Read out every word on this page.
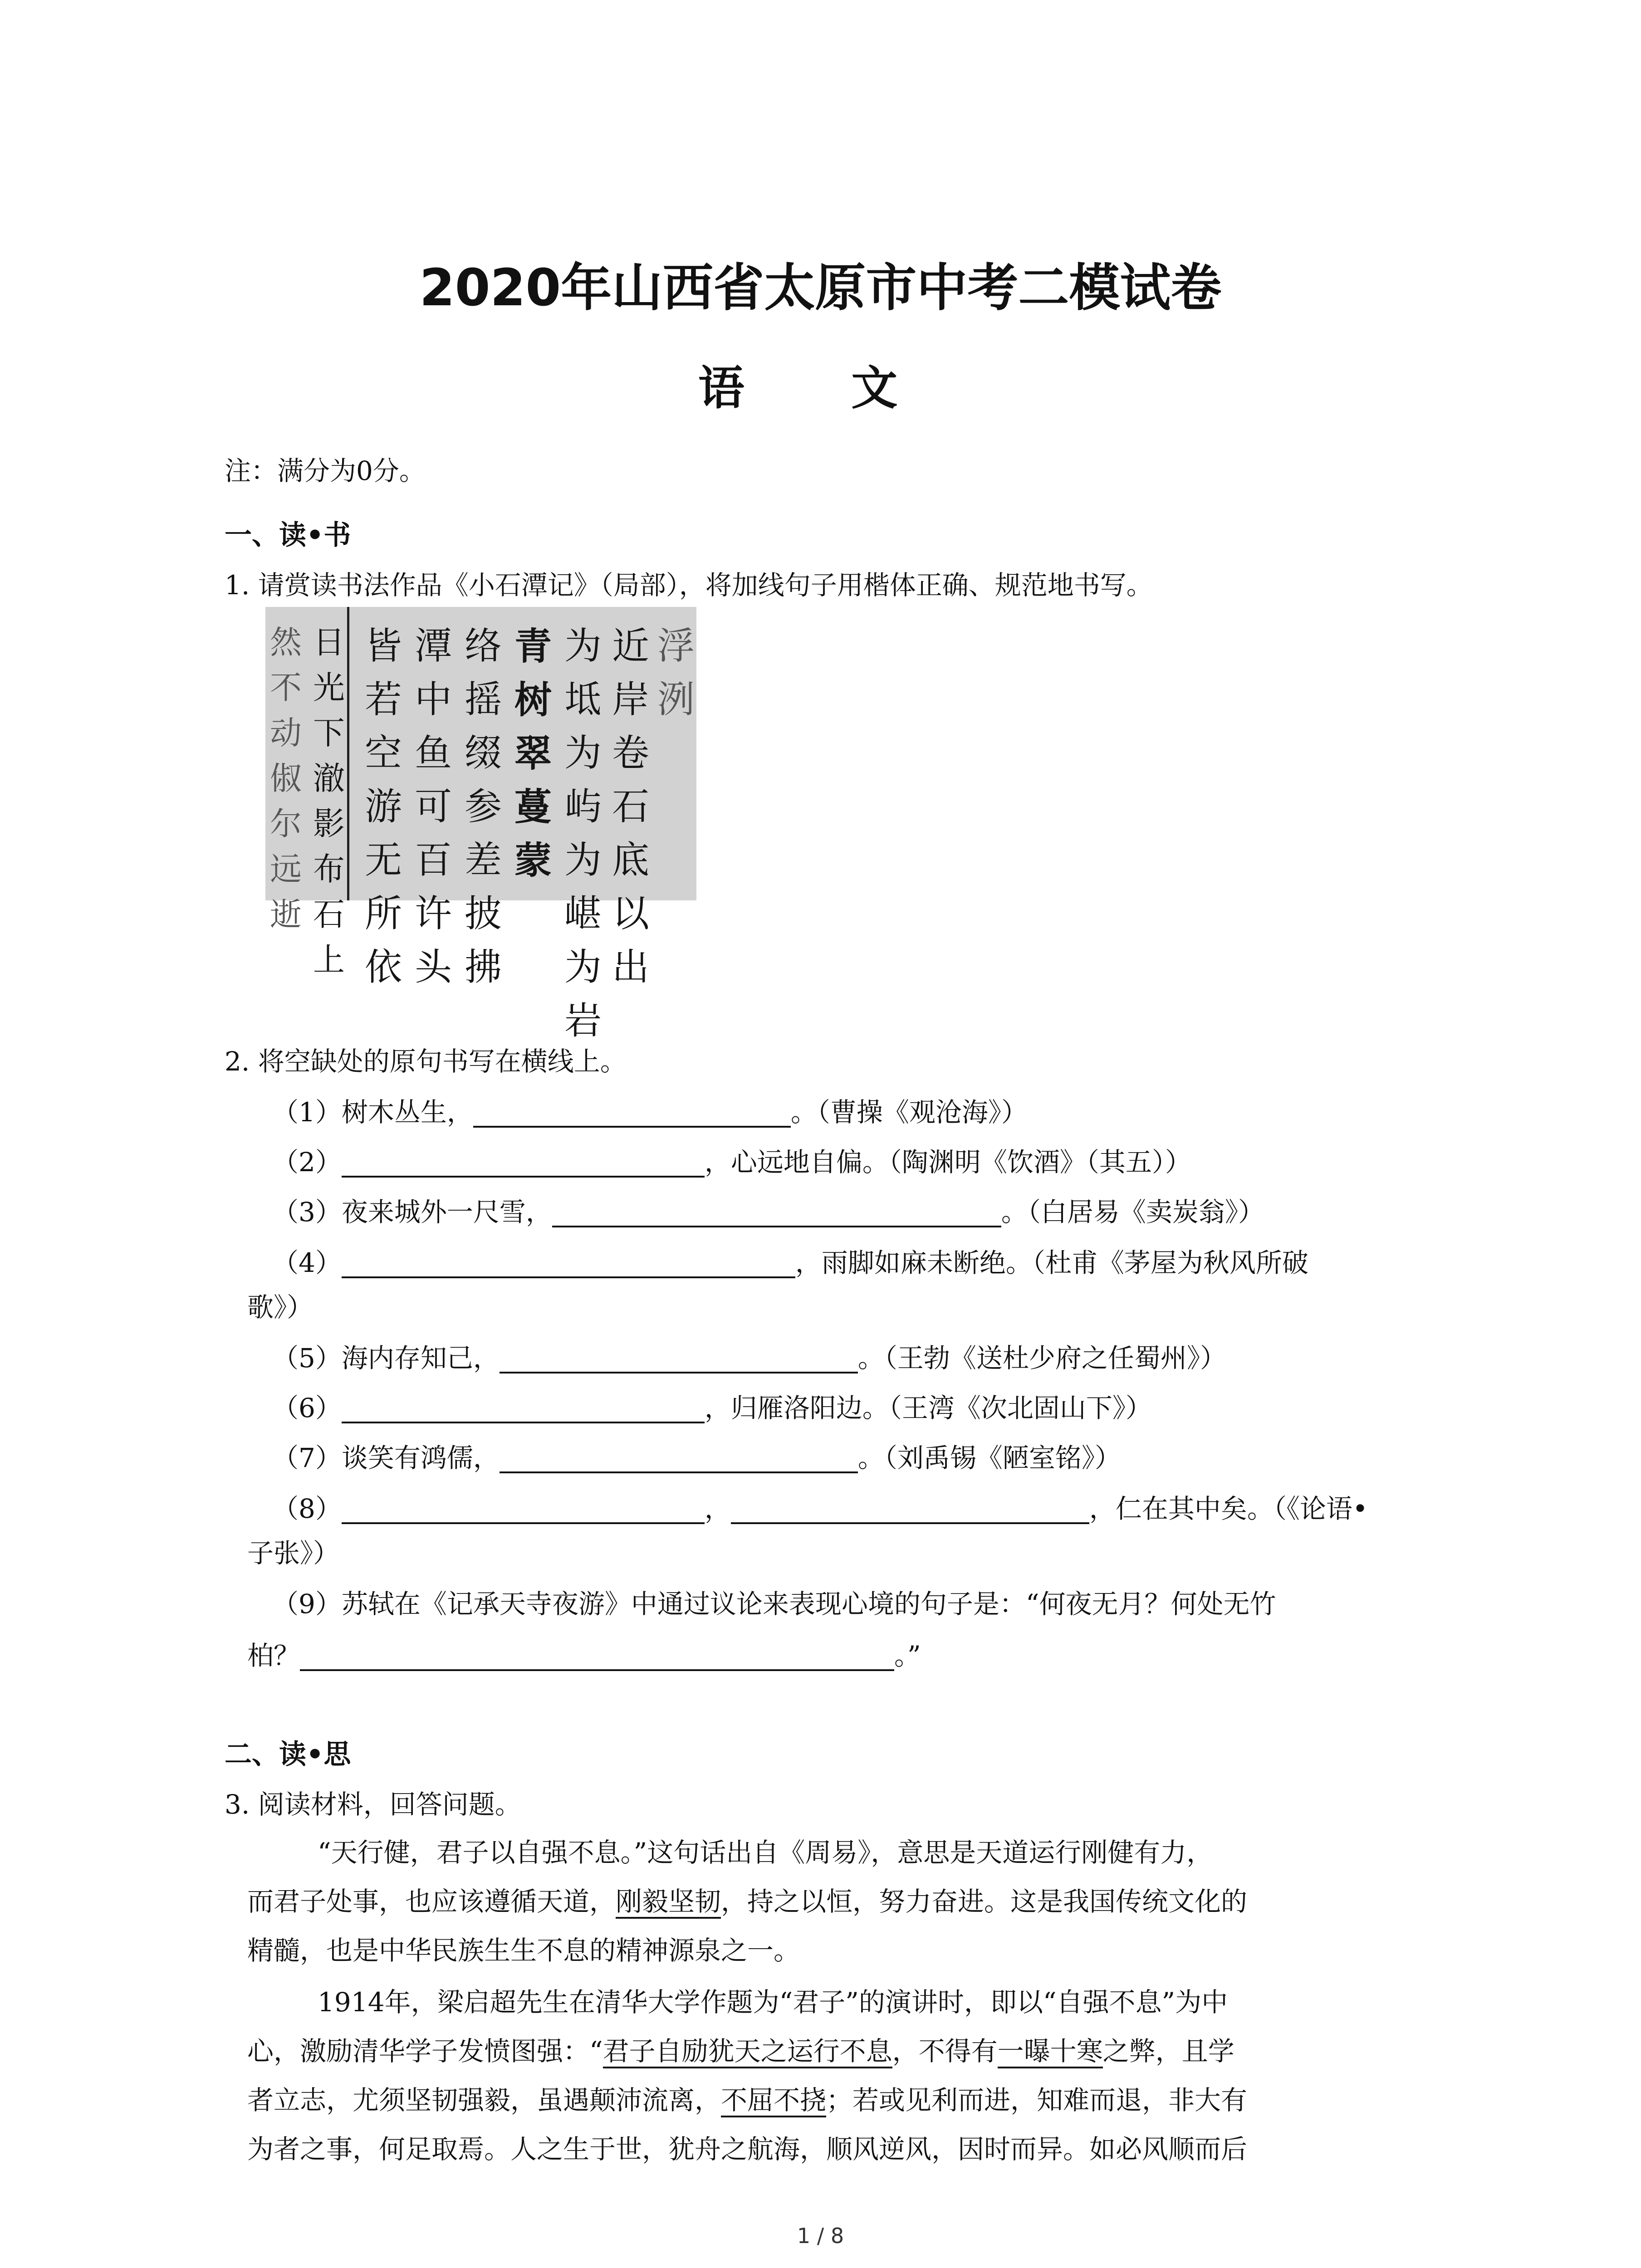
2020年山西省太原市中考二模试卷
语 文
注：满分为0分。
一、读•书
1. 请赏读书法作品《小石潭记》（局部），将加线句子用楷体正确、规范地书写。
浮
洌
近
岸
卷
石
底
以
出
为
坻
为
屿
为
嵁
为
岩
青
树
翠
蔓
蒙
络
摇
缀
参
差
披
拂
潭
中
鱼
可
百
许
头
皆
若
空
游
无
所
依
日
光
下
澈
影
布
石
上
然
不
动
俶
尔
远
逝
2. 将空缺处的原句书写在横线上。
（1）树木丛生，	。（曹操《观沧海》）
（2）	，心远地自偏。（陶渊明《饮酒》（其五））
（3）夜来城外一尺雪，	。（白居易《卖炭翁》）
（4）	，雨脚如麻未断绝。（杜甫《茅屋为秋风所破
歌》）
（5）海内存知己，	。（王勃《送杜少府之任蜀州》）
（6）	，归雁洛阳边。（王湾《次北固山下》）
（7）谈笑有鸿儒，	。（刘禹锡《陋室铭》）
（8）	，	，仁在其中矣。（《论语•
子张》）
（9）苏轼在《记承天寺夜游》中通过议论来表现心境的句子是：“何夜无月？何处无竹
柏？	。”
二、读•思
3. 阅读材料，回答问题。
“天行健，君子以自强不息。”这句话出自《周易》，意思是天道运行刚健有力，
而君子处事，也应该遵循天道，刚毅坚韧，持之以恒，努力奋进。这是我国传统文化的
精髓，也是中华民族生生不息的精神源泉之一。
1914年，梁启超先生在清华大学作题为“君子”的演讲时，即以“自强不息”为中
心，激励清华学子发愤图强：“君子自励犹天之运行不息，不得有一曝十寒之弊，且学
者立志，尤须坚韧强毅，虽遇颠沛流离，不屈不挠；若或见利而进，知难而退，非大有
为者之事，何足取焉。人之生于世，犹舟之航海，顺风逆风，因时而异。如必风顺而后
1 / 8
